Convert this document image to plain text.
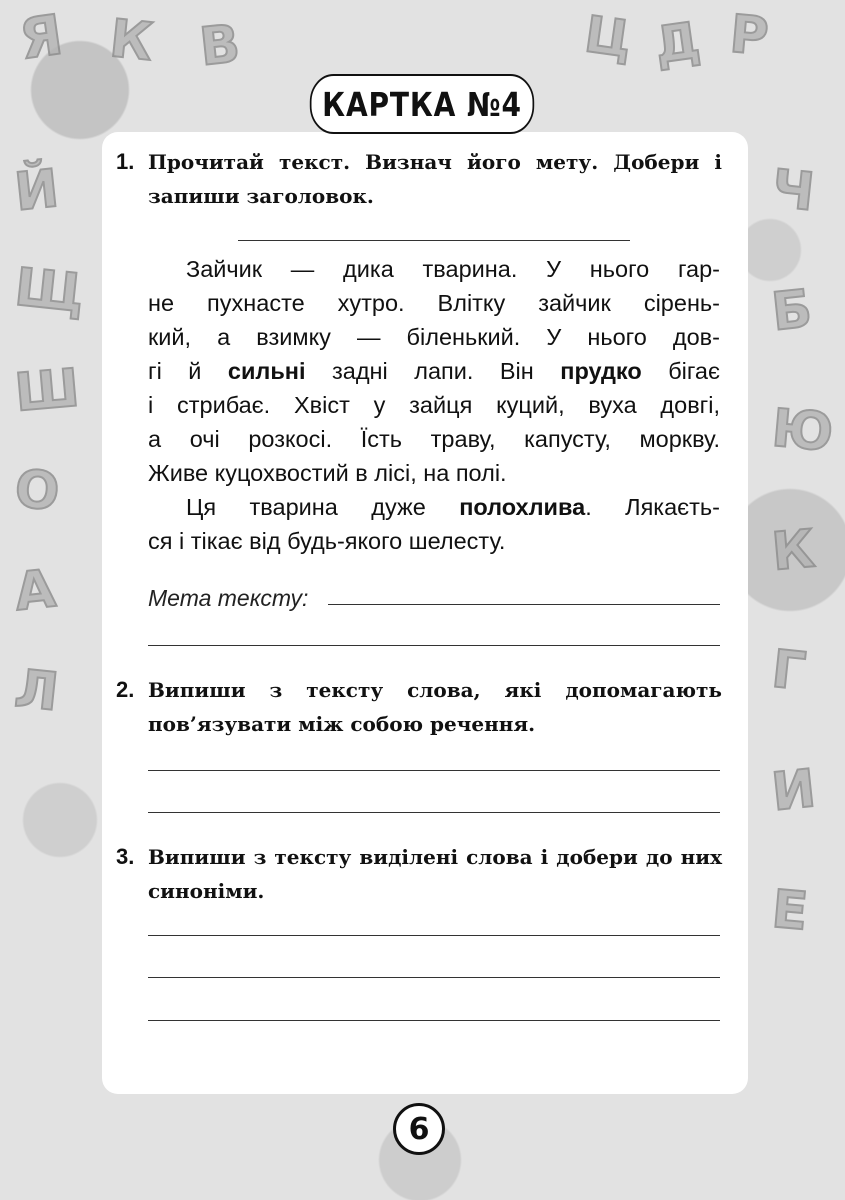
Я К В	Ц Д Р
Й
Щ
Ш
О
А
Л
Ч
Б
Ю
К
Г
И
Е
КАРТКА №4
1. Прочитай текст. Визнач його мету. Добери і запиши заголовок.
Зайчик — дика тварина. У нього гар-
не пухнасте хутро. Влітку зайчик сірень-
кий, а взимку — біленький. У нього дов-
гі й сильні задні лапи. Він прудко бігає
і стрибає. Хвіст у зайця куций, вуха довгі,
а очі розкосі. Їсть траву, капусту, моркву.
Живе куцохвостий в лісі, на полі.
Ця тварина дуже полохлива. Лякаєть-
ся і тікає від будь-якого шелесту.
Мета тексту:
2. Випиши з тексту слова, які допомагають пов’язувати між собою речення.
3. Випиши з тексту виділені слова і добери до них синоніми.
6
